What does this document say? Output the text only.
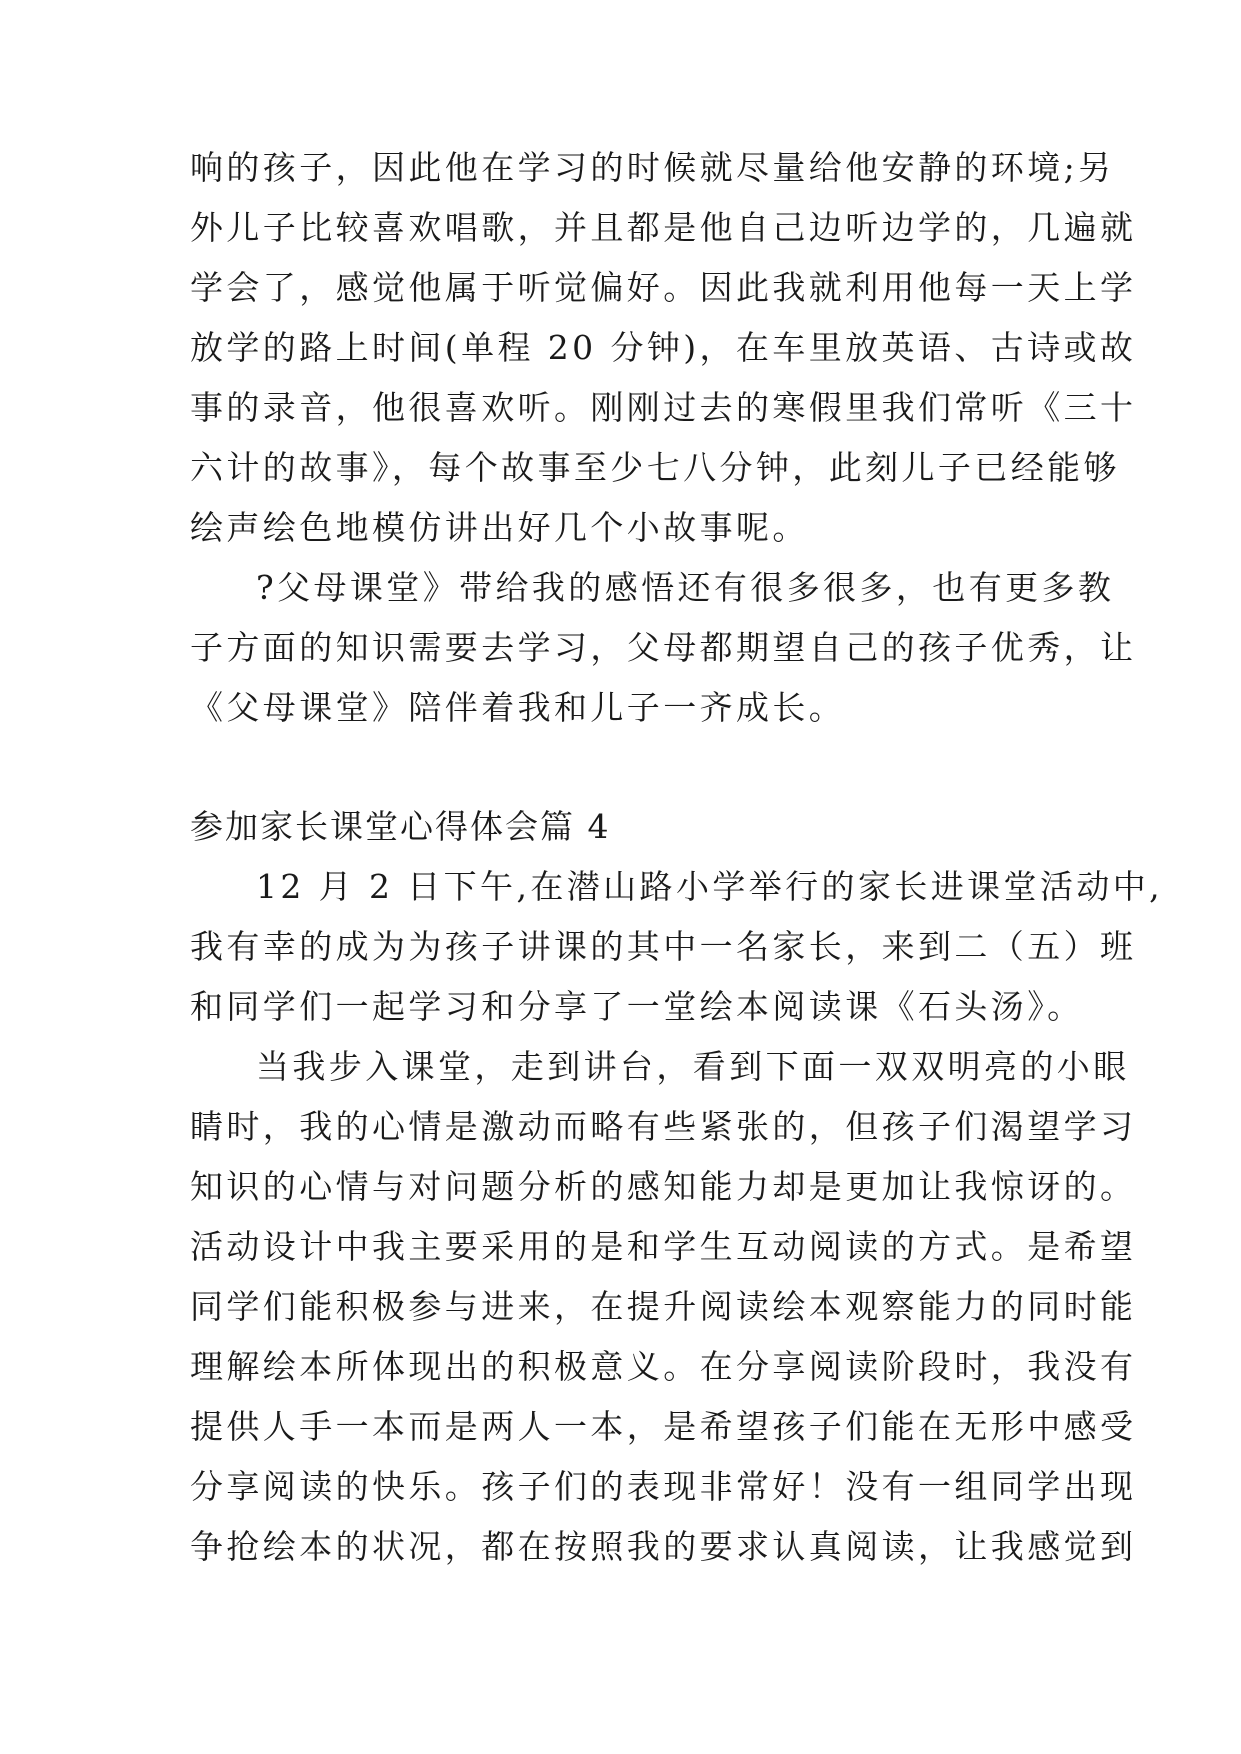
响的孩子，因此他在学习的时候就尽量给他安静的环境;另
外儿子比较喜欢唱歌，并且都是他自己边听边学的，几遍就
学会了，感觉他属于听觉偏好。因此我就利用他每一天上学
放学的路上时间(单程 20 分钟)，在车里放英语、古诗或故
事的录音，他很喜欢听。刚刚过去的寒假里我们常听《三十
六计的故事》，每个故事至少七八分钟，此刻儿子已经能够
绘声绘色地模仿讲出好几个小故事呢。
?父母课堂》带给我的感悟还有很多很多，也有更多教
子方面的知识需要去学习，父母都期望自己的孩子优秀，让
《父母课堂》陪伴着我和儿子一齐成长。
参加家长课堂心得体会篇 4
12 月 2 日下午,在潜山路小学举行的家长进课堂活动中,
我有幸的成为为孩子讲课的其中一名家长，来到二（五）班
和同学们一起学习和分享了一堂绘本阅读课《石头汤》。
当我步入课堂，走到讲台，看到下面一双双明亮的小眼
睛时，我的心情是激动而略有些紧张的，但孩子们渴望学习
知识的心情与对问题分析的感知能力却是更加让我惊讶的。
活动设计中我主要采用的是和学生互动阅读的方式。是希望
同学们能积极参与进来，在提升阅读绘本观察能力的同时能
理解绘本所体现出的积极意义。在分享阅读阶段时，我没有
提供人手一本而是两人一本，是希望孩子们能在无形中感受
分享阅读的快乐。孩子们的表现非常好！没有一组同学出现
争抢绘本的状况，都在按照我的要求认真阅读，让我感觉到
